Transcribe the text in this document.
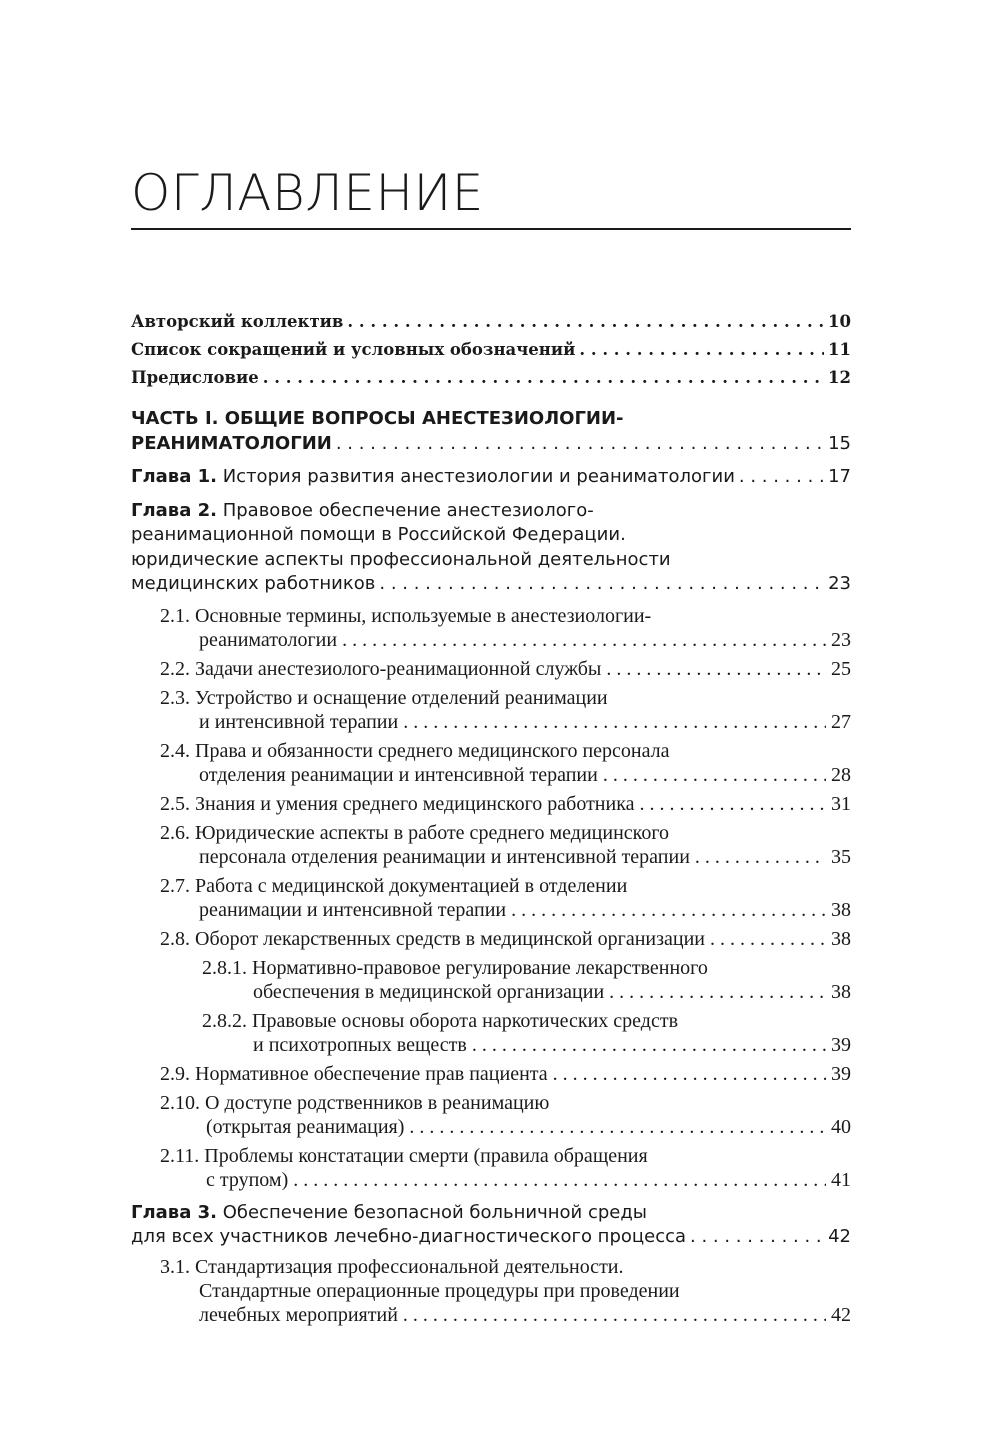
ОГЛАВЛЕНИЕ
Авторский коллектив . . .	10
Список сокращений и условных обозначений . . .	11
Предисловие . . .	12
ЧАСТЬ I. ОБЩИЕ ВОПРОСЫ АНЕСТЕЗИОЛОГИИ-
РЕАНИМАТОЛОГИИ . . .	15
Глава 1. История развития анестезиологии и реаниматологии . . .	17
Глава 2. Правовое обеспечение анестезиолого-
реанимационной помощи в Российской Федерации.
юридические аспекты профессиональной деятельности
медицинских работников . . .	23
2.1. Основные термины, используемые в анестезиологии-
реаниматологии . . .	23
2.2. Задачи анестезиолого-реанимационной службы . . .	25
2.3. Устройство и оснащение отделений реанимации
и интенсивной терапии . . .	27
2.4. Права и обязанности среднего медицинского персонала
отделения реанимации и интенсивной терапии . . .	28
2.5. Знания и умения среднего медицинского работника . . .	31
2.6. Юридические аспекты в работе среднего медицинского
персонала отделения реанимации и интенсивной терапии . . .	35
2.7. Работа с медицинской документацией в отделении
реанимации и интенсивной терапии . . .	38
2.8. Оборот лекарственных средств в медицинской организации . . .	38
2.8.1. Нормативно-правовое регулирование лекарственного
обеспечения в медицинской организации . . .	38
2.8.2. Правовые основы оборота наркотических средств
и психотропных веществ . . .	39
2.9. Нормативное обеспечение прав пациента . . .	39
2.10. О доступе родственников в реанимацию
(открытая реанимация) . . .	40
2.11. Проблемы констатации смерти (правила обращения
с трупом) . . .	41
Глава 3. Обеспечение безопасной больничной среды
для всех участников лечебно-диагностического процесса . . .	42
3.1. Стандартизация профессиональной деятельности.
Стандартные операционные процедуры при проведении
лечебных мероприятий . . .	42
